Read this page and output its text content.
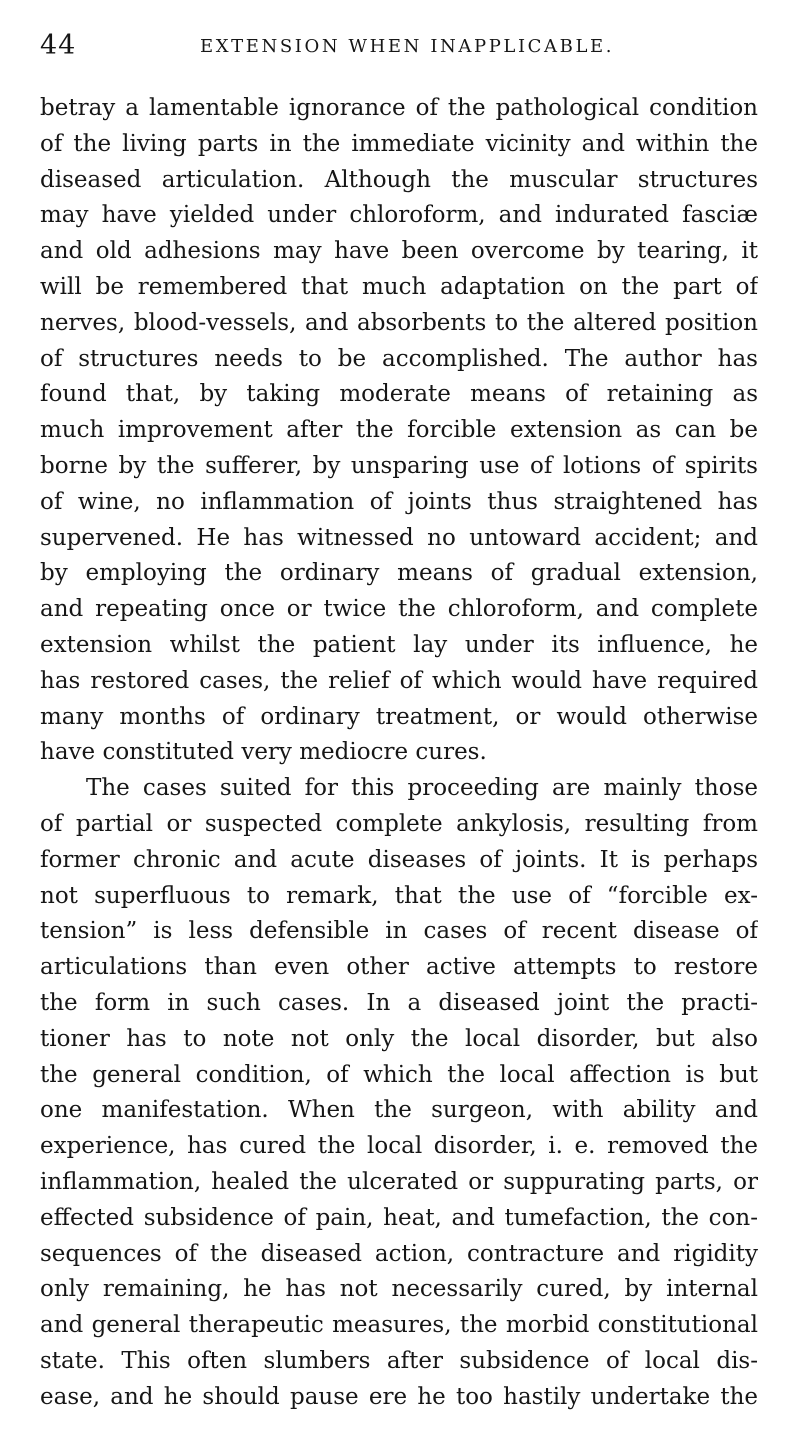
44	EXTENSION WHEN INAPPLICABLE.
betray a lamentable ignorance of the pathological condition
of the living parts in the immediate vicinity and within the
diseased articulation. Although the muscular structures
may have yielded under chloroform, and indurated fasciæ
and old adhesions may have been overcome by tearing, it
will be remembered that much adaptation on the part of
nerves, blood-vessels, and absorbents to the altered position
of structures needs to be accomplished. The author has
found that, by taking moderate means of retaining as
much improvement after the forcible extension as can be
borne by the sufferer, by unsparing use of lotions of spirits
of wine, no inflammation of joints thus straightened has
supervened. He has witnessed no untoward accident; and
by employing the ordinary means of gradual extension,
and repeating once or twice the chloroform, and complete
extension whilst the patient lay under its influence, he
has restored cases, the relief of which would have required
many months of ordinary treatment, or would otherwise
have constituted very mediocre cures.
The cases suited for this proceeding are mainly those
of partial or suspected complete ankylosis, resulting from
former chronic and acute diseases of joints. It is perhaps
not superfluous to remark, that the use of “forcible ex-
tension” is less defensible in cases of recent disease of
articulations than even other active attempts to restore
the form in such cases. In a diseased joint the practi-
tioner has to note not only the local disorder, but also
the general condition, of which the local affection is but
one manifestation. When the surgeon, with ability and
experience, has cured the local disorder, i. e. removed the
inflammation, healed the ulcerated or suppurating parts, or
effected subsidence of pain, heat, and tumefaction, the con-
sequences of the diseased action, contracture and rigidity
only remaining, he has not necessarily cured, by internal
and general therapeutic measures, the morbid constitutional
state. This often slumbers after subsidence of local dis-
ease, and he should pause ere he too hastily undertake the
